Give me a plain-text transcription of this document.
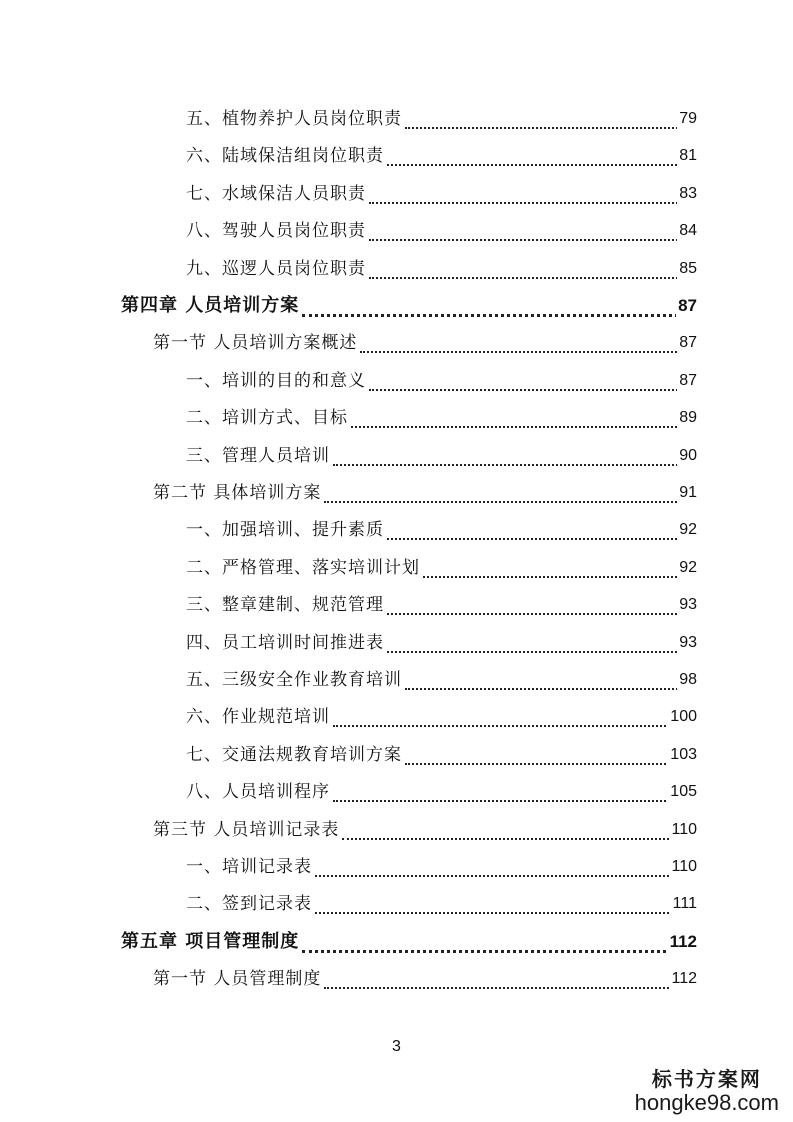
五、植物养护人员岗位职责	79
六、陆域保洁组岗位职责	81
七、水域保洁人员职责	83
八、驾驶人员岗位职责	84
九、巡逻人员岗位职责	85
第四章 人员培训方案	87
第一节 人员培训方案概述	87
一、培训的目的和意义	87
二、培训方式、目标	89
三、管理人员培训	90
第二节 具体培训方案	91
一、加强培训、提升素质	92
二、严格管理、落实培训计划	92
三、整章建制、规范管理	93
四、员工培训时间推进表	93
五、三级安全作业教育培训	98
六、作业规范培训	100
七、交通法规教育培训方案	103
八、人员培训程序	105
第三节 人员培训记录表	110
一、培训记录表	110
二、签到记录表	111
第五章 项目管理制度	112
第一节 人员管理制度	112
3
标书方案网
hongke98.com
